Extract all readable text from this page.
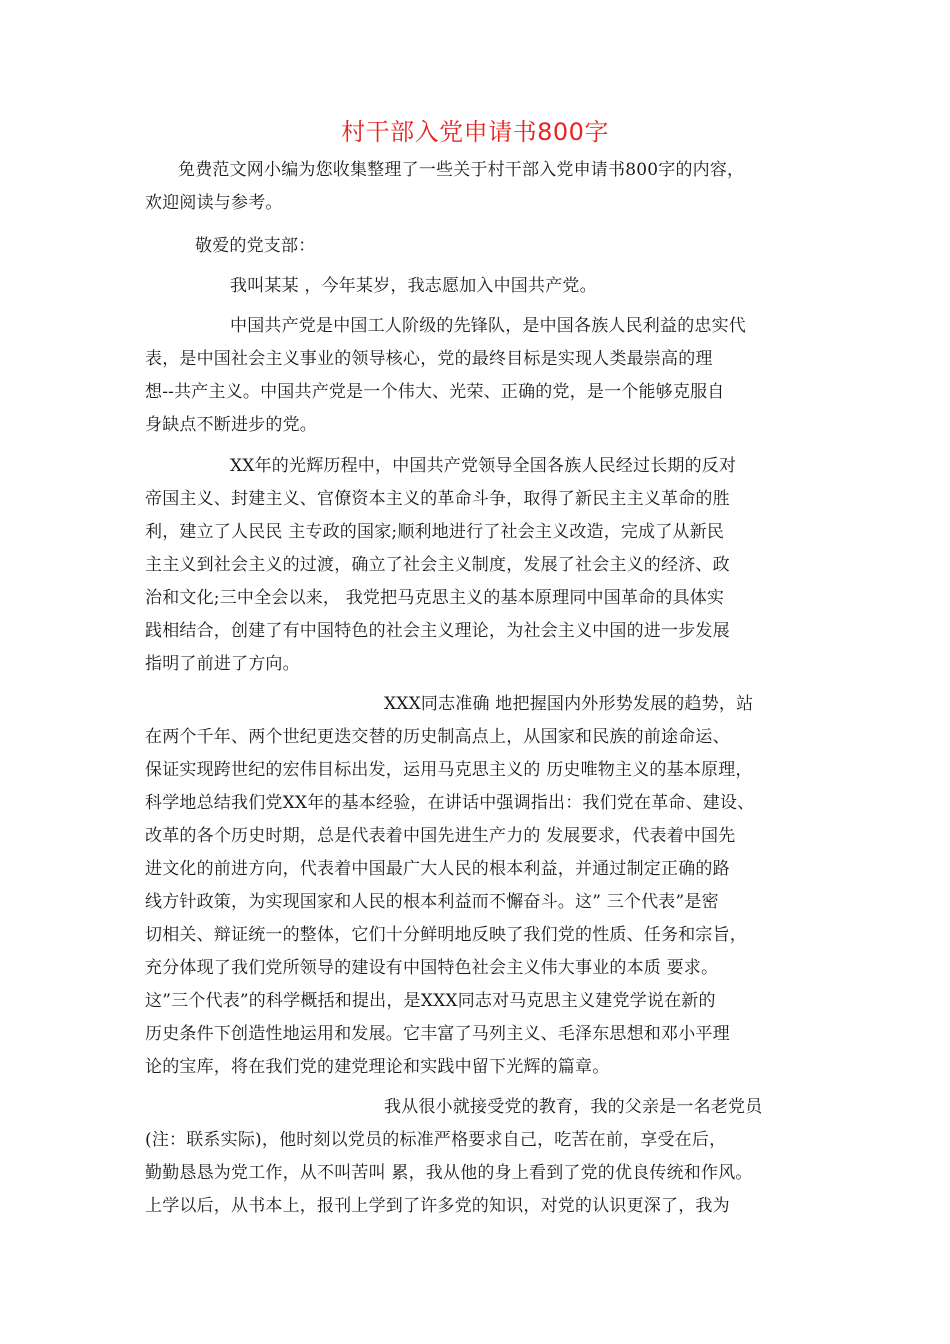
村干部入党申请书800字
免费范文网小编为您收集整理了一些关于村干部入党申请书800字的内容，
欢迎阅读与参考。
敬爱的党支部：
我叫某某 ，今年某岁，我志愿加入中国共产党。
中国共产党是中国工人阶级的先锋队，是中国各族人民利益的忠实代
表，是中国社会主义事业的领导核心，党的最终目标是实现人类最崇高的理
想--共产主义。中国共产党是一个伟大、光荣、正确的党，是一个能够克服自
身缺点不断进步的党。
XX年的光辉历程中，中国共产党领导全国各族人民经过长期的反对
帝国主义、封建主义、官僚资本主义的革命斗争，取得了新民主主义革命的胜
利，建立了人民民 主专政的国家;顺利地进行了社会主义改造，完成了从新民
主主义到社会主义的过渡，确立了社会主义制度，发展了社会主义的经济、政
治和文化;三中全会以来， 我党把马克思主义的基本原理同中国革命的具体实
践相结合，创建了有中国特色的社会主义理论，为社会主义中国的进一步发展
指明了前进了方向。
XXX同志准确 地把握国内外形势发展的趋势，站
在两个千年、两个世纪更迭交替的历史制高点上，从国家和民族的前途命运、
保证实现跨世纪的宏伟目标出发，运用马克思主义的 历史唯物主义的基本原理，
科学地总结我们党XX年的基本经验，在讲话中强调指出：我们党在革命、建设、
改革的各个历史时期，总是代表着中国先进生产力的 发展要求，代表着中国先
进文化的前进方向，代表着中国最广大人民的根本利益，并通过制定正确的路
线方针政策，为实现国家和人民的根本利益而不懈奋斗。这” 三个代表”是密
切相关、辩证统一的整体，它们十分鲜明地反映了我们党的性质、任务和宗旨，
充分体现了我们党所领导的建设有中国特色社会主义伟大事业的本质 要求。
这”三个代表”的科学概括和提出，是XXX同志对马克思主义建党学说在新的
历史条件下创造性地运用和发展。它丰富了马列主义、毛泽东思想和邓小平理
论的宝库，将在我们党的建党理论和实践中留下光辉的篇章。
我从很小就接受党的教育，我的父亲是一名老党员
(注：联系实际)，他时刻以党员的标准严格要求自己，吃苦在前，享受在后，
勤勤恳恳为党工作，从不叫苦叫 累，我从他的身上看到了党的优良传统和作风。
上学以后，从书本上，报刊上学到了许多党的知识，对党的认识更深了，我为
